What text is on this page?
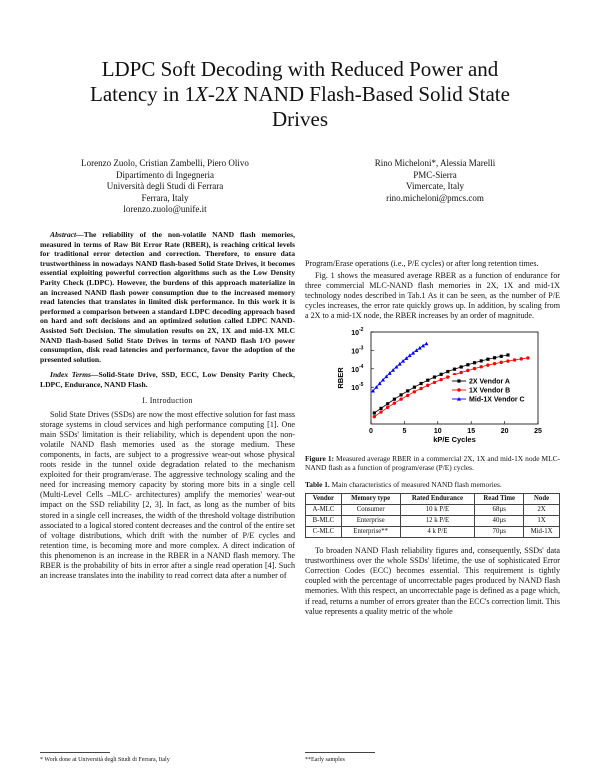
LDPC Soft Decoding with Reduced Power and
Latency in 1X-2X NAND Flash-Based Solid State
Drives
Lorenzo Zuolo, Cristian Zambelli, Piero Olivo
Dipartimento di Ingegneria
Università degli Studi di Ferrara
Ferrara, Italy
lorenzo.zuolo@unife.it
Rino Micheloni*, Alessia Marelli
PMC-Sierra
Vimercate, Italy
rino.micheloni@pmcs.com

Abstract—The reliability of the non-volatile NAND flash memories, measured in terms of Raw Bit Error Rate (RBER), is reaching critical levels for traditional error detection and correction. Therefore, to ensure data trustworthiness in nowadays NAND flash-based Solid State Drives, it becomes essential exploiting powerful correction algorithms such as the Low Density Parity Check (LDPC). However, the burdens of this approach materialize in an increased NAND flash power consumption due to the increased memory read latencies that translates in limited disk performance. In this work it is performed a comparison between a standard LDPC decoding approach based on hard and soft decisions and an optimized solution called LDPC NAND-Assisted Soft Decision. The simulation results on 2X, 1X and mid-1X MLC NAND flash-based Solid State Drives in terms of NAND flash I/O power consumption, disk read latencies and performance, favor the adoption of the presented solution.

Index Terms—Solid-State Drive, SSD, ECC, Low Density Parity Check, LDPC, Endurance, NAND Flash.

I. Introduction

Solid State Drives (SSDs) are now the most effective solution for fast mass storage systems in cloud services and high performance computing [1]. One main SSDs' limitation is their reliability, which is dependent upon the non-volatile NAND flash memories used as the storage medium. These components, in facts, are subject to a progressive wear-out whose physical roots reside in the tunnel oxide degradation related to the mechanism exploited for their program/erase. The aggressive technology scaling and the need for increasing memory capacity by storing more bits in a single cell (Multi-Level Cells –MLC- architectures) amplify the memories' wear-out impact on the SSD reliability [2, 3]. In fact, as long as the number of bits stored in a single cell increases, the width of the threshold voltage distribution associated to a logical stored content decreases and the control of the entire set of voltage distributions, which drift with the number of P/E cycles and retention time, is becoming more and more complex. A direct indication of this phenomenon is an increase in the RBER in a NAND flash memory. The RBER is the probability of bits in error after a single read operation [4]. Such an increase translates into the inability to read correct data after a number of

Program/Erase operations (i.e., P/E cycles) or after long retention times.

Fig. 1 shows the measured average RBER as a function of endurance for three commercial MLC-NAND flash memories in 2X, 1X and mid-1X technology nodes described in Tab.1 As it can be seen, as the number of P/E cycles increases, the error rate quickly grows up. In addition, by scaling from a 2X to a mid-1X node, the RBER increases by an order of magnitude.

0	5	10	15	20	25
10 -2
10 -3
10 -4
10 -5
kP/E Cycles
RBER	2X Vendor A
1X Vendor B
Mid-1X Vendor C

Figure 1: Measured average RBER in a commercial 2X, 1X and mid-1X node MLC-NAND flash as a function of program/erase (P/E) cycles.

Table 1. Main characteristics of measured NAND flash memories.
Vendor	Memory type	Rated Endurance	Read Time	Node
A-MLC	Consumer	10 k P/E	68µs	2X
B-MLC	Enterprise	12 k P/E	40µs	1X
C-MLC	Enterprise**	4 k P/E	70µs	Mid-1X

To broaden NAND Flash reliability figures and, consequently, SSDs' data trustworthiness over the whole SSDs' lifetime, the use of sophisticated Error Correction Codes (ECC) becomes essential. This requirement is tightly coupled with the percentage of uncorrectable pages produced by NAND flash memories. With this respect, an uncorrectable page is defined as a page which, if read, returns a number of errors greater than the ECC's correction limit. This value represents a quality metric of the whole

* Work done at Università degli Studi di Ferrara, Italy	**Early samples
